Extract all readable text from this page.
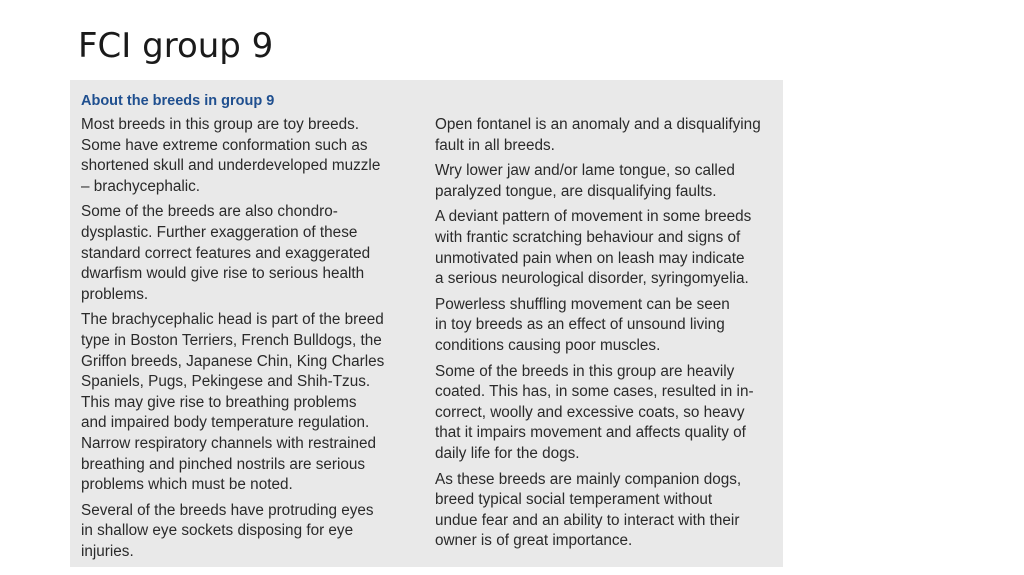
FCI group 9
About the breeds in group 9

Most breeds in this group are toy breeds.
Some have extreme conformation such as
shortened skull and underdeveloped muzzle
– brachycephalic.

Some of the breeds are also chondro-
dysplastic. Further exaggeration of these
standard correct features and exaggerated
dwarfism would give rise to serious health
problems.

The brachycephalic head is part of the breed
type in Boston Terriers, French Bulldogs, the
Griffon breeds, Japanese Chin, King Charles
Spaniels, Pugs, Pekingese and Shih-Tzus.
This may give rise to breathing problems
and impaired body temperature regulation.
Narrow respiratory channels with restrained
breathing and pinched nostrils are serious
problems which must be noted.

Several of the breeds have protruding eyes
in shallow eye sockets disposing for eye
injuries.

Open fontanel is an anomaly and a disqualifying
fault in all breeds.

Wry lower jaw and/or lame tongue, so called
paralyzed tongue, are disqualifying faults.

A deviant pattern of movement in some breeds
with frantic scratching behaviour and signs of
unmotivated pain when on leash may indicate
a serious neurological disorder, syringomyelia.

Powerless shuffling movement can be seen
in toy breeds as an effect of unsound living
conditions causing poor muscles.

Some of the breeds in this group are heavily
coated. This has, in some cases, resulted in in-
correct, woolly and excessive coats, so heavy
that it impairs movement and affects quality of
daily life for the dogs.

As these breeds are mainly companion dogs,
breed typical social temperament without
undue fear and an ability to interact with their
owner is of great importance.
